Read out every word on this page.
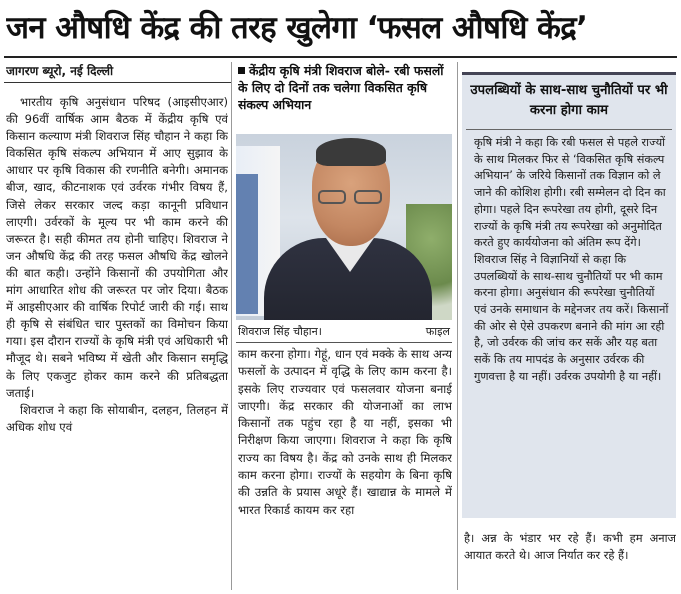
जन औषधि केंद्र की तरह खुलेगा ‘फसल औषधि केंद्र’
जागरण ब्यूरो, नई दिल्ली

भारतीय कृषि अनुसंधान परिषद (आइसीएआर) की 96वीं वार्षिक आम बैठक में केंद्रीय कृषि एवं किसान कल्याण मंत्री शिवराज सिंह चौहान ने कहा कि विकसित कृषि संकल्प अभियान में आए सुझाव के आधार पर कृषि विकास की रणनीति बनेगी। अमानक बीज, खाद, कीटनाशक एवं उर्वरक गंभीर विषय हैं, जिसे लेकर सरकार जल्द कड़ा कानूनी प्रविधान लाएगी। उर्वरकों के मूल्य पर भी काम करने की जरूरत है। सही कीमत तय होनी चाहिए। शिवराज ने जन औषधि केंद्र की तरह फसल औषधि केंद्र खोलने की बात कही। उन्होंने किसानों की उपयोगिता और मांग आधारित शोध की जरूरत पर जोर दिया। बैठक में आइसीएआर की वार्षिक रिपोर्ट जारी की गई। साथ ही कृषि से संबंधित चार पुस्तकों का विमोचन किया गया। इस दौरान राज्यों के कृषि मंत्री एवं अधिकारी भी मौजूद थे। सबने भविष्य में खेती और किसान समृद्धि के लिए एकजुट होकर काम करने की प्रतिबद्धता जताई।

शिवराज ने कहा कि सोयाबीन, दलहन, तिलहन में अधिक शोध एवं

केंद्रीय कृषि मंत्री शिवराज बोले- रबी फसलों के लिए दो दिनों तक चलेगा विकसित कृषि संकल्प अभियान
शिवराज सिंह चौहान।	फाइल
काम करना होगा। गेहूं, धान एवं मक्के के साथ अन्य फसलों के उत्पादन में वृद्धि के लिए काम करना है। इसके लिए राज्यवार एवं फसलवार योजना बनाई जाएगी। केंद्र सरकार की योजनाओं का लाभ किसानों तक पहुंच रहा है या नहीं, इसका भी निरीक्षण किया जाएगा। शिवराज ने कहा कि कृषि राज्य का विषय है। केंद्र को उनके साथ ही मिलकर काम करना होगा। राज्यों के सहयोग के बिना कृषि की उन्नति के प्रयास अधूरे हैं। खाद्यान्न के मामले में भारत रिकार्ड कायम कर रहा
उपलब्धियों के साथ-साथ चुनौतियों पर भी करना होगा काम
कृषि मंत्री ने कहा कि रबी फसल से पहले राज्यों के साथ मिलकर फिर से ‘विकसित कृषि संकल्प अभियान’ के जरिये किसानों तक विज्ञान को ले जाने की कोशिश होगी। रबी सम्मेलन दो दिन का होगा। पहले दिन रूपरेखा तय होगी, दूसरे दिन राज्यों के कृषि मंत्री तय रूपरेखा को अनुमोदित करते हुए कार्ययोजना को अंतिम रूप देंगे। शिवराज सिंह ने विज्ञानियों से कहा कि उपलब्धियों के साथ-साथ चुनौतियों पर भी काम करना होगा। अनुसंधान की रूपरेखा चुनौतियों एवं उनके समाधान के मद्देनजर तय करें। किसानों की ओर से ऐसे उपकरण बनाने की मांग आ रही है, जो उर्वरक की जांच कर सकें और यह बता सकें कि तय मापदंड के अनुसार उर्वरक की गुणवत्ता है या नहीं। उर्वरक उपयोगी है या नहीं।
है। अन्न के भंडार भर रहे हैं। कभी हम अनाज आयात करते थे। आज निर्यात कर रहे हैं।
